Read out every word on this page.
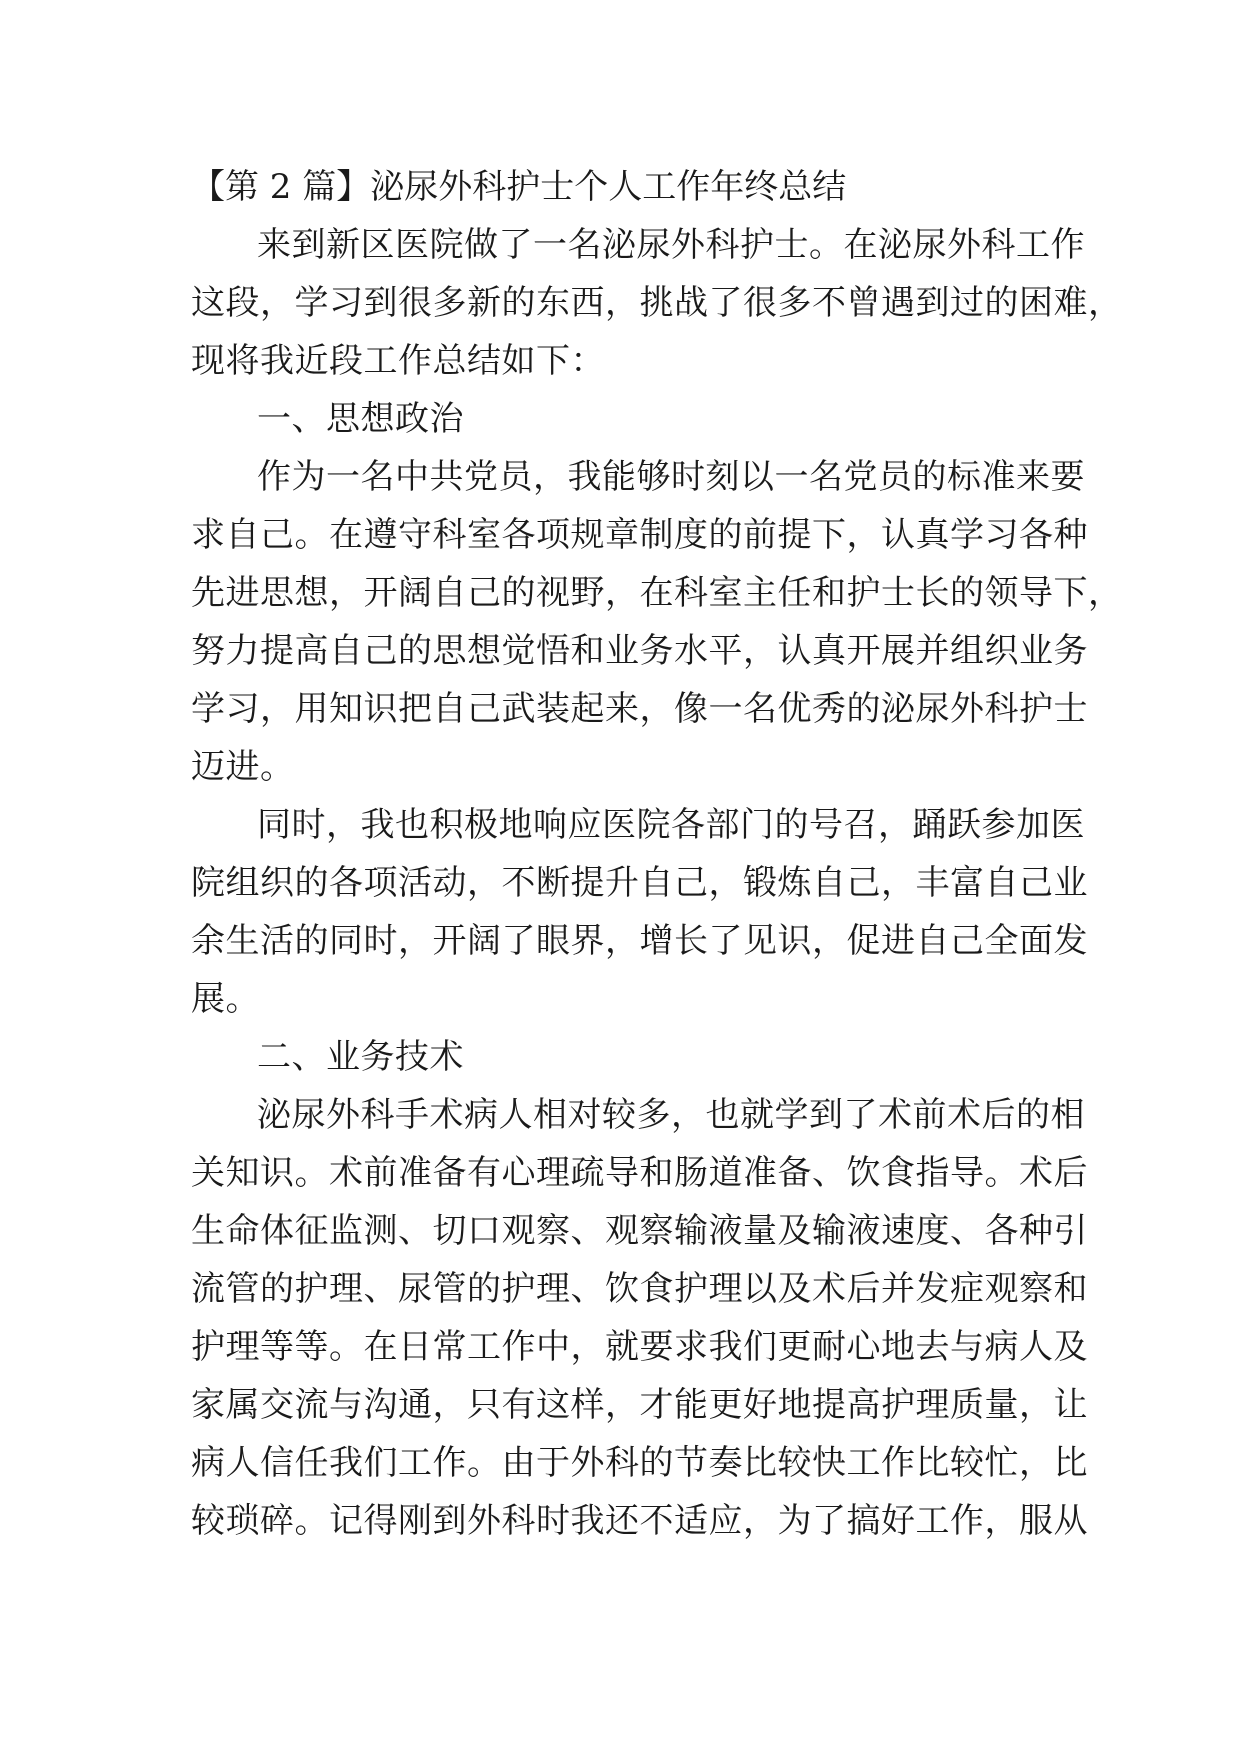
【第 2 篇】泌尿外科护士个人工作年终总结
来到新区医院做了一名泌尿外科护士。在泌尿外科工作
这段，学习到很多新的东西，挑战了很多不曾遇到过的困难，
现将我近段工作总结如下：
一、思想政治
作为一名中共党员，我能够时刻以一名党员的标准来要
求自己。在遵守科室各项规章制度的前提下，认真学习各种
先进思想，开阔自己的视野，在科室主任和护士长的领导下，
努力提高自己的思想觉悟和业务水平，认真开展并组织业务
学习，用知识把自己武装起来，像一名优秀的泌尿外科护士
迈进。
同时，我也积极地响应医院各部门的号召，踊跃参加医
院组织的各项活动，不断提升自己，锻炼自己，丰富自己业
余生活的同时，开阔了眼界，增长了见识，促进自己全面发
展。
二、业务技术
泌尿外科手术病人相对较多，也就学到了术前术后的相
关知识。术前准备有心理疏导和肠道准备、饮食指导。术后
生命体征监测、切口观察、观察输液量及输液速度、各种引
流管的护理、尿管的护理、饮食护理以及术后并发症观察和
护理等等。在日常工作中，就要求我们更耐心地去与病人及
家属交流与沟通，只有这样，才能更好地提高护理质量，让
病人信任我们工作。由于外科的节奏比较快工作比较忙，比
较琐碎。记得刚到外科时我还不适应，为了搞好工作，服从
